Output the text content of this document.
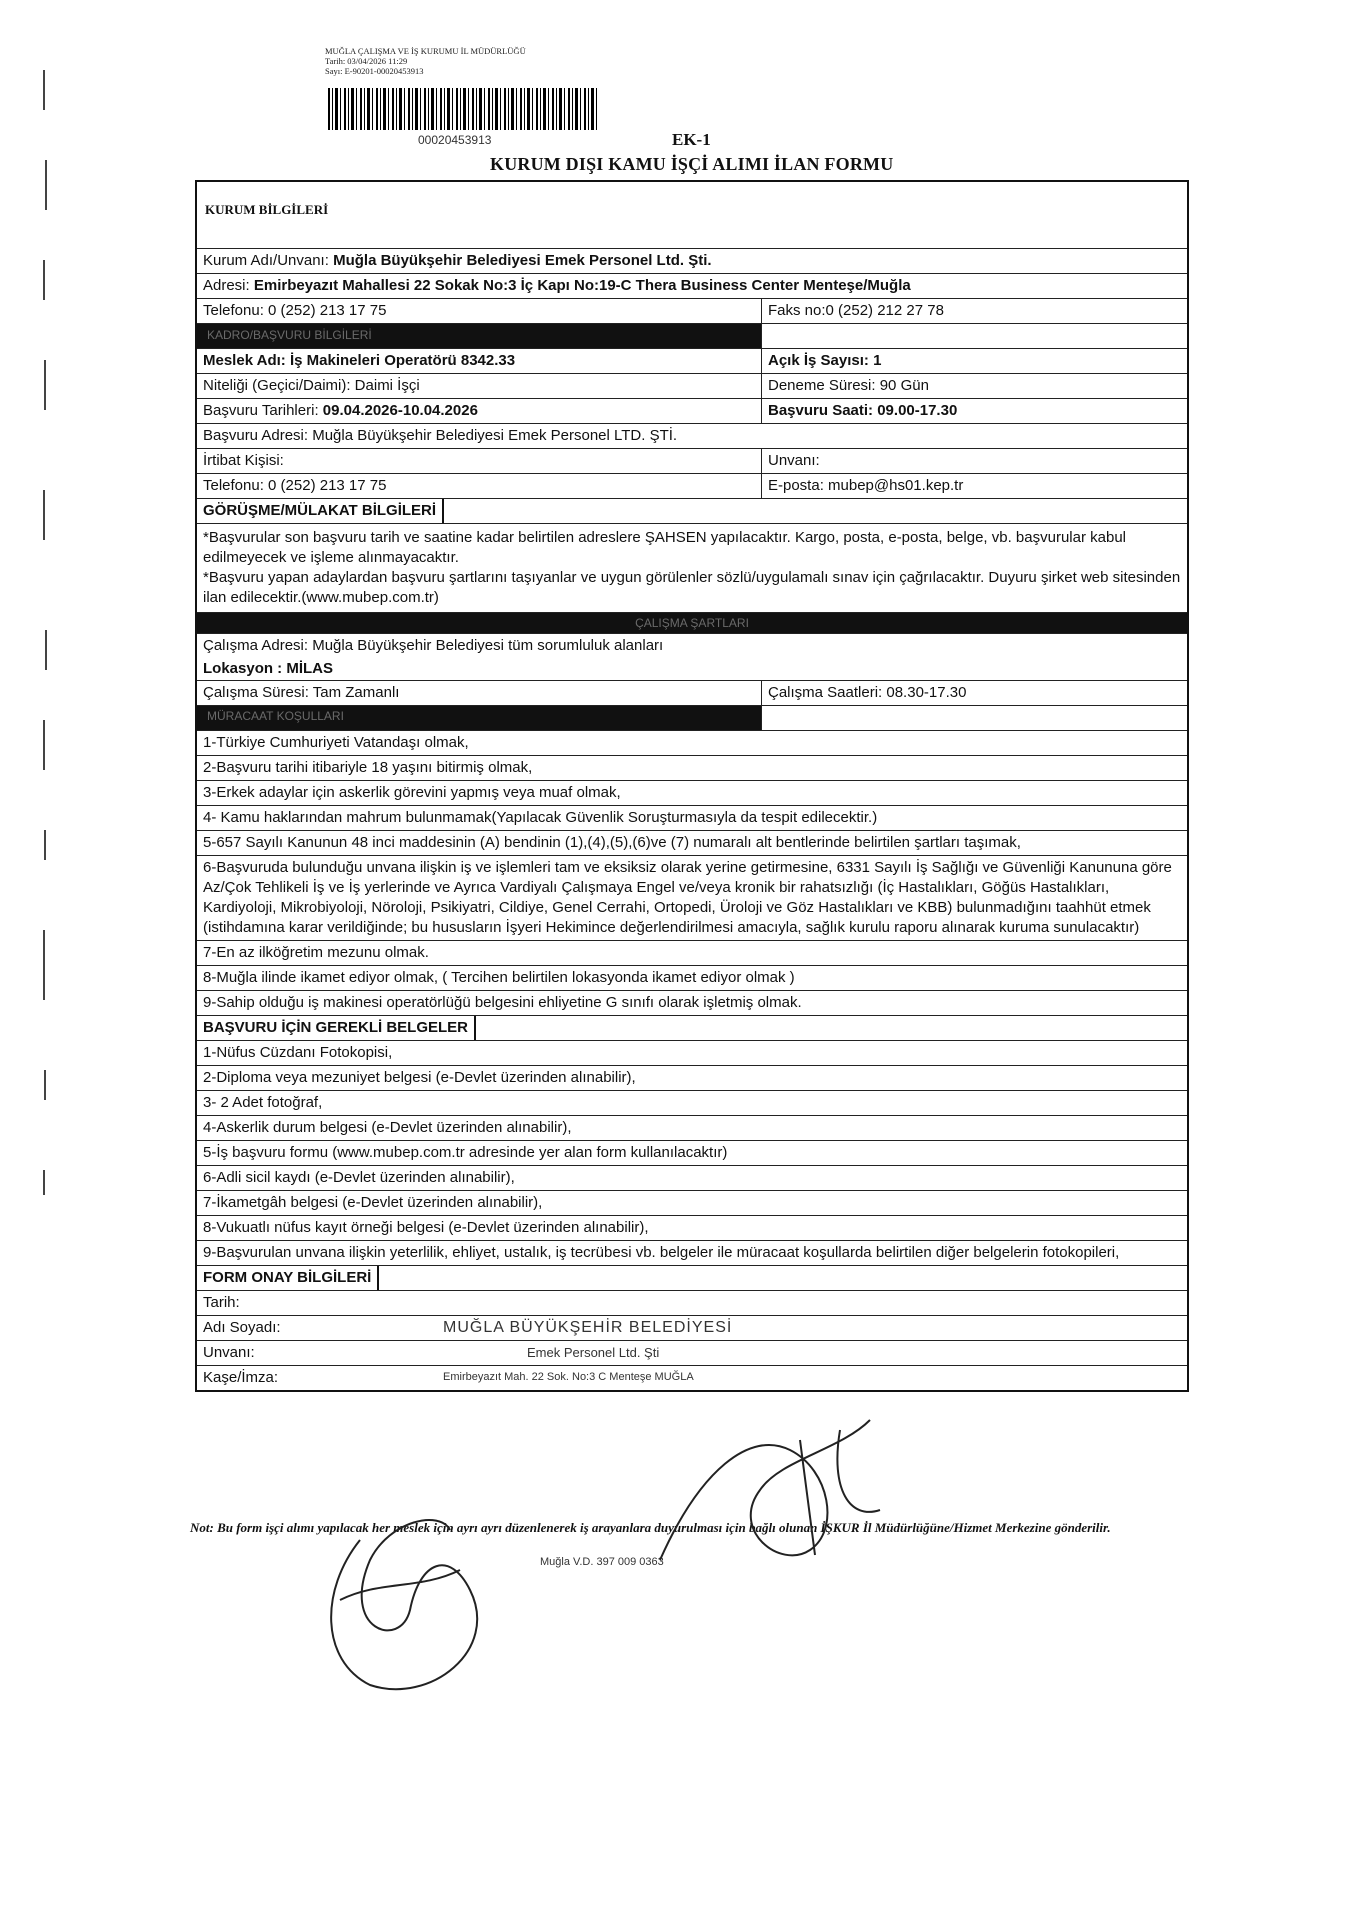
MUĞLA ÇALIŞMA VE İŞ KURUMU İL MÜDÜRLÜĞÜ
Tarih: 03/04/2026 11:29
Sayı: E-90201-00020453913
00020453913	EK-1
KURUM DIŞI KAMU İŞÇİ ALIMI İLAN FORMU
KURUM BİLGİLERİ
Kurum Adı/Unvanı: Muğla Büyükşehir Belediyesi Emek Personel Ltd. Şti.
Adresi: Emirbeyazıt Mahallesi 22 Sokak No:3 İç Kapı No:19-C Thera Business Center Menteşe/Muğla
Telefonu: 0 (252) 213 17 75	Faks no:0 (252) 212 27 78
KADRO/BAŞVURU BİLGİLERİ
Meslek Adı: İş Makineleri Operatörü 8342.33	Açık İş Sayısı: 1
Niteliği (Geçici/Daimi): Daimi İşçi	Deneme Süresi: 90 Gün
Başvuru Tarihleri: 09.04.2026-10.04.2026	Başvuru Saati: 09.00-17.30
Başvuru Adresi: Muğla Büyükşehir Belediyesi Emek Personel LTD. ŞTİ.
İrtibat Kişisi:	Unvanı:
Telefonu: 0 (252) 213 17 75	E-posta: mubep@hs01.kep.tr
GÖRÜŞME/MÜLAKAT BİLGİLERİ
*Başvurular son başvuru tarih ve saatine kadar belirtilen adreslere ŞAHSEN yapılacaktır. Kargo, posta, e-posta, belge, vb. başvurular kabul edilmeyecek ve işleme alınmayacaktır.
*Başvuru yapan adaylardan başvuru şartlarını taşıyanlar ve uygun görülenler sözlü/uygulamalı sınav için çağrılacaktır. Duyuru şirket web sitesinden ilan edilecektir.(www.mubep.com.tr)
ÇALIŞMA ŞARTLARI
Çalışma Adresi: Muğla Büyükşehir Belediyesi tüm sorumluluk alanları
Lokasyon : MİLAS
Çalışma Süresi: Tam Zamanlı	Çalışma Saatleri: 08.30-17.30
MÜRACAAT KOŞULLARI
1-Türkiye Cumhuriyeti Vatandaşı olmak,
2-Başvuru tarihi itibariyle 18 yaşını bitirmiş olmak,
3-Erkek adaylar için askerlik görevini yapmış veya muaf olmak,
4- Kamu haklarından mahrum bulunmamak(Yapılacak Güvenlik Soruşturmasıyla da tespit edilecektir.)
5-657 Sayılı Kanunun 48 inci maddesinin (A) bendinin (1),(4),(5),(6)ve (7) numaralı alt bentlerinde belirtilen şartları taşımak,
6-Başvuruda bulunduğu unvana ilişkin iş ve işlemleri tam ve eksiksiz olarak yerine getirmesine, 6331 Sayılı İş Sağlığı ve Güvenliği Kanununa göre Az/Çok Tehlikeli İş ve İş yerlerinde ve Ayrıca Vardiyalı Çalışmaya Engel ve/veya kronik bir rahatsızlığı (İç Hastalıkları, Göğüs Hastalıkları, Kardiyoloji, Mikrobiyoloji, Nöroloji, Psikiyatri, Cildiye, Genel Cerrahi, Ortopedi, Üroloji ve Göz Hastalıkları ve KBB) bulunmadığını taahhüt etmek (istihdamına karar verildiğinde; bu hususların İşyeri Hekimince değerlendirilmesi amacıyla, sağlık kurulu raporu alınarak kuruma sunulacaktır)
7-En az ilköğretim mezunu olmak.
8-Muğla ilinde ikamet ediyor olmak, ( Tercihen belirtilen lokasyonda ikamet ediyor olmak )
9-Sahip olduğu iş makinesi operatörlüğü belgesini ehliyetine G sınıfı olarak işletmiş olmak.
BAŞVURU İÇİN GEREKLİ BELGELER
1-Nüfus Cüzdanı Fotokopisi,
2-Diploma veya mezuniyet belgesi (e-Devlet üzerinden alınabilir),
3- 2 Adet fotoğraf,
4-Askerlik durum belgesi (e-Devlet üzerinden alınabilir),
5-İş başvuru formu (www.mubep.com.tr adresinde yer alan form kullanılacaktır)
6-Adli sicil kaydı (e-Devlet üzerinden alınabilir),
7-İkametgâh belgesi (e-Devlet üzerinden alınabilir),
8-Vukuatlı nüfus kayıt örneği belgesi (e-Devlet üzerinden alınabilir),
9-Başvurulan unvana ilişkin yeterlilik, ehliyet, ustalık, iş tecrübesi vb. belgeler ile müracaat koşullarda belirtilen diğer belgelerin fotokopileri,
FORM ONAY BİLGİLERİ
Tarih:
Adı Soyadı:	MUĞLA BÜYÜKŞEHİR BELEDİYESİ
Unvanı:	Emek Personel Ltd. Şti
Kaşe/İmza:	Emirbeyazıt Mah. 22 Sok. No:3 C Menteşe MUĞLA
Not: Bu form işçi alımı yapılacak her meslek için ayrı ayrı düzenlenerek iş arayanlara duyurulması için bağlı olunan İŞKUR İl Müdürlüğüne/Hizmet Merkezine gönderilir.
Muğla V.D. 397 009 0363
